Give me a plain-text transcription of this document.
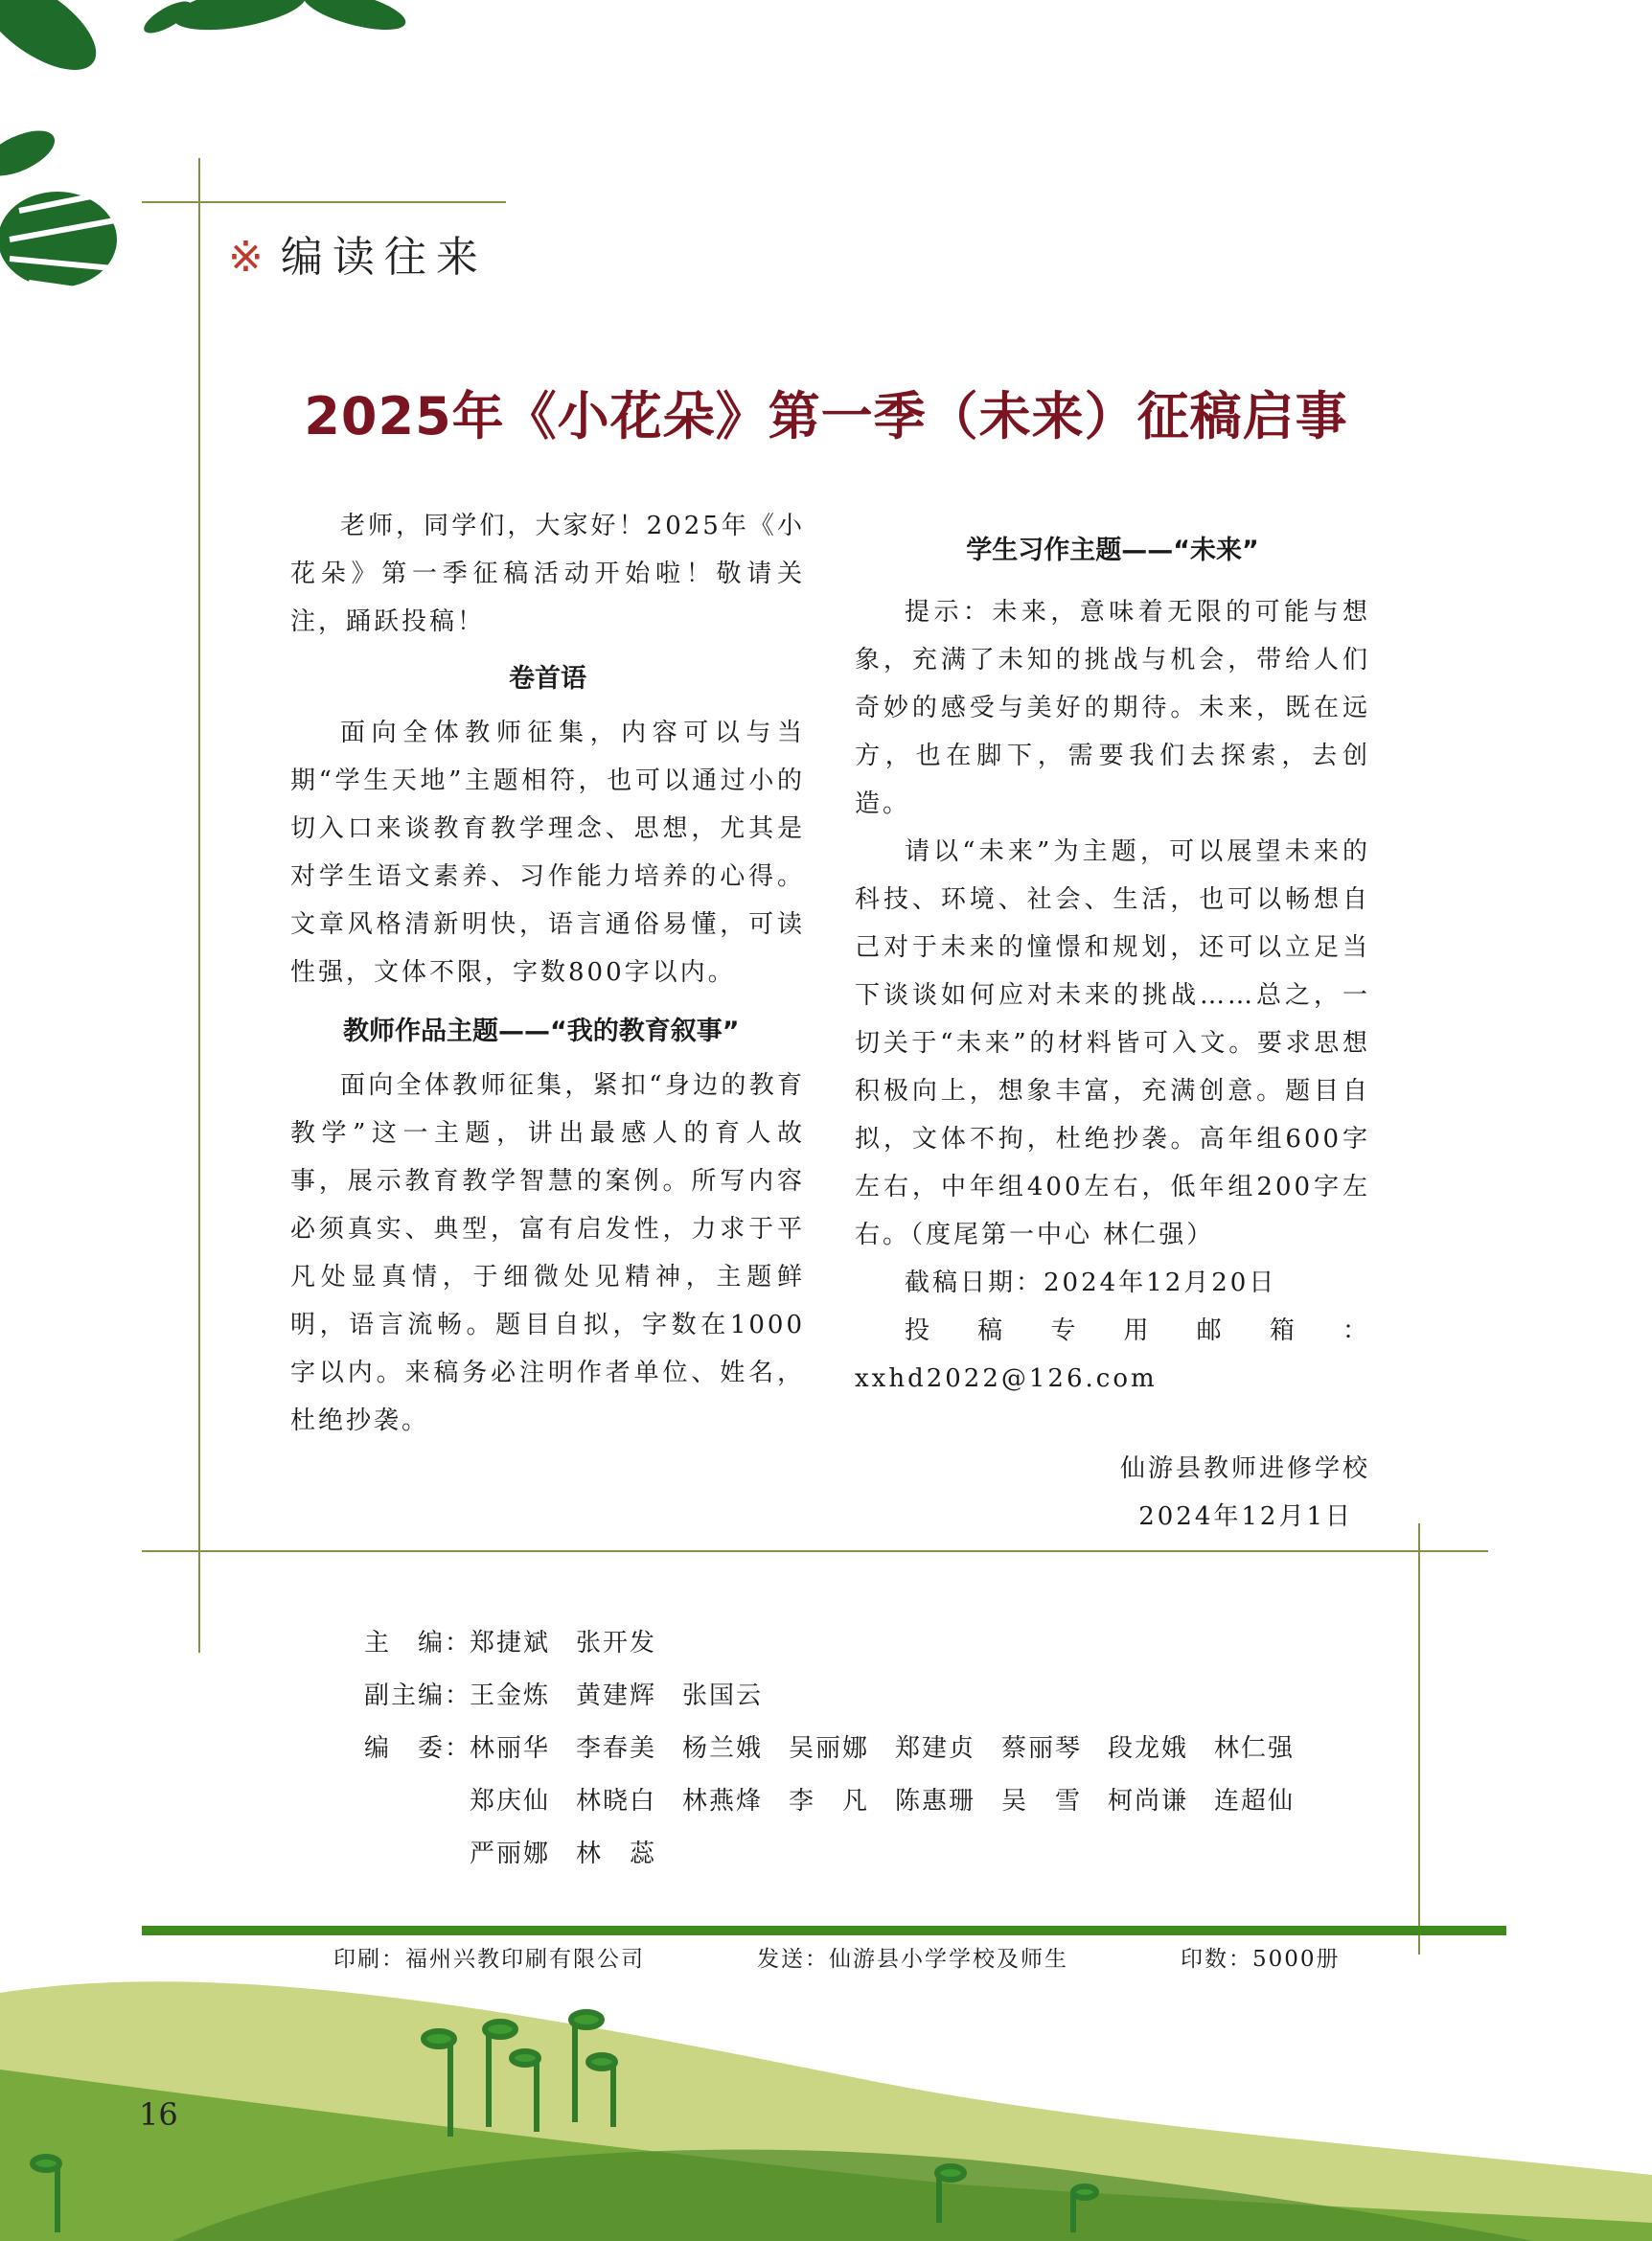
※ 编读往来
2025年《小花朵》第一季（未来）征稿启事

老师，同学们，大家好！2025年《小花朵》第一季征稿活动开始啦！敬请关注，踊跃投稿！

卷首语

面向全体教师征集，内容可以与当期“学生天地”主题相符，也可以通过小的切入口来谈教育教学理念、思想，尤其是对学生语文素养、习作能力培养的心得。文章风格清新明快，语言通俗易懂，可读性强，文体不限，字数800字以内。

教师作品主题——“我的教育叙事”

面向全体教师征集，紧扣“身边的教育教学”这一主题，讲出最感人的育人故事，展示教育教学智慧的案例。所写内容必须真实、典型，富有启发性，力求于平凡处显真情，于细微处见精神，主题鲜明，语言流畅。题目自拟，字数在1000字以内。来稿务必注明作者单位、姓名，杜绝抄袭。

学生习作主题——“未来”

提示：未来，意味着无限的可能与想象，充满了未知的挑战与机会，带给人们奇妙的感受与美好的期待。未来，既在远方，也在脚下，需要我们去探索，去创造。

请以“未来”为主题，可以展望未来的科技、环境、社会、生活，也可以畅想自己对于未来的憧憬和规划，还可以立足当下谈谈如何应对未来的挑战……总之，一切关于“未来”的材料皆可入文。要求思想积极向上，想象丰富，充满创意。题目自拟，文体不拘，杜绝抄袭。高年组600字左右，中年组400左右，低年组200字左右。（度尾第一中心 林仁强）

截稿日期：2024年12月20日

投稿专用邮箱：xxhd2022@126.com

仙游县教师进修学校

2024年12月1日

主　编：
郑捷斌	张开发
副主编：
王金炼	黄建辉	张国云
编　委：
林丽华	李春美	杨兰娥	吴丽娜	郑建贞	蔡丽琴	段龙娥	林仁强
郑庆仙	林晓白	林燕烽	李　凡	陈惠珊	吴　雪	柯尚谦	连超仙
严丽娜	林　蕊
印刷：福州兴教印刷有限公司	发送：仙游县小学学校及师生	印数：5000册
16
